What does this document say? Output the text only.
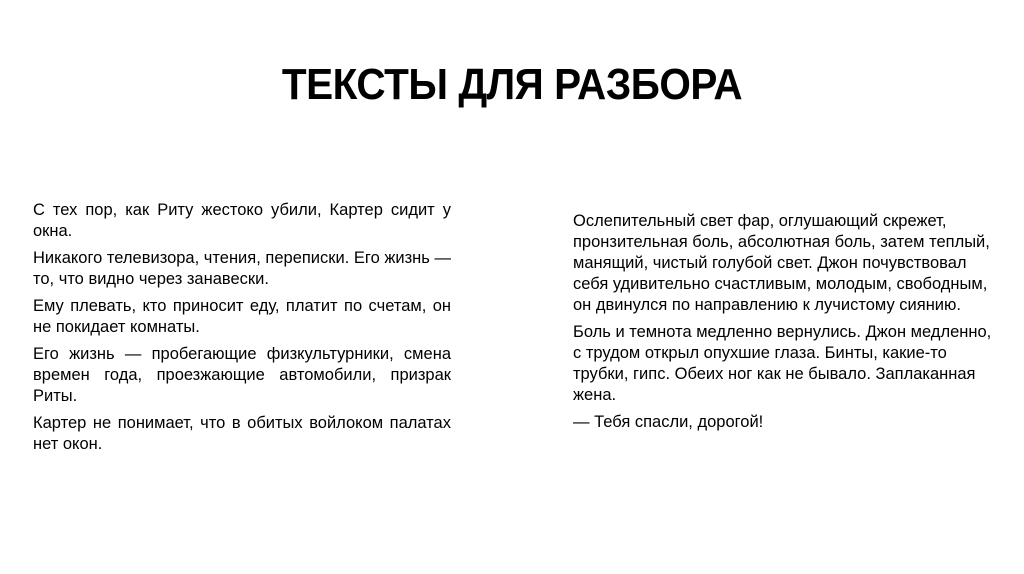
ТЕКСТЫ ДЛЯ РАЗБОРА

С тех пор, как Риту жестоко убили, Картер сидит у окна.

Никакого телевизора, чтения, переписки. Его жизнь — то, что видно через занавески.

Ему плевать, кто приносит еду, платит по счетам, он не покидает комнаты.

Его жизнь — пробегающие физкультурники, смена времен года, проезжающие автомобили, призрак Риты.

Картер не понимает, что в обитых войлоком палатах нет окон.

Ослепительный свет фар, оглушающий скрежет, пронзительная боль, абсолютная боль, затем теплый, манящий, чистый голубой свет. Джон почувствовал себя удивительно счастливым, молодым, свободным, он двинулся по направлению к лучистому сиянию.

Боль и темнота медленно вернулись. Джон медленно, с трудом открыл опухшие глаза. Бинты, какие-то трубки, гипс. Обеих ног как не бывало. Заплаканная жена.

— Тебя спасли, дорогой!
